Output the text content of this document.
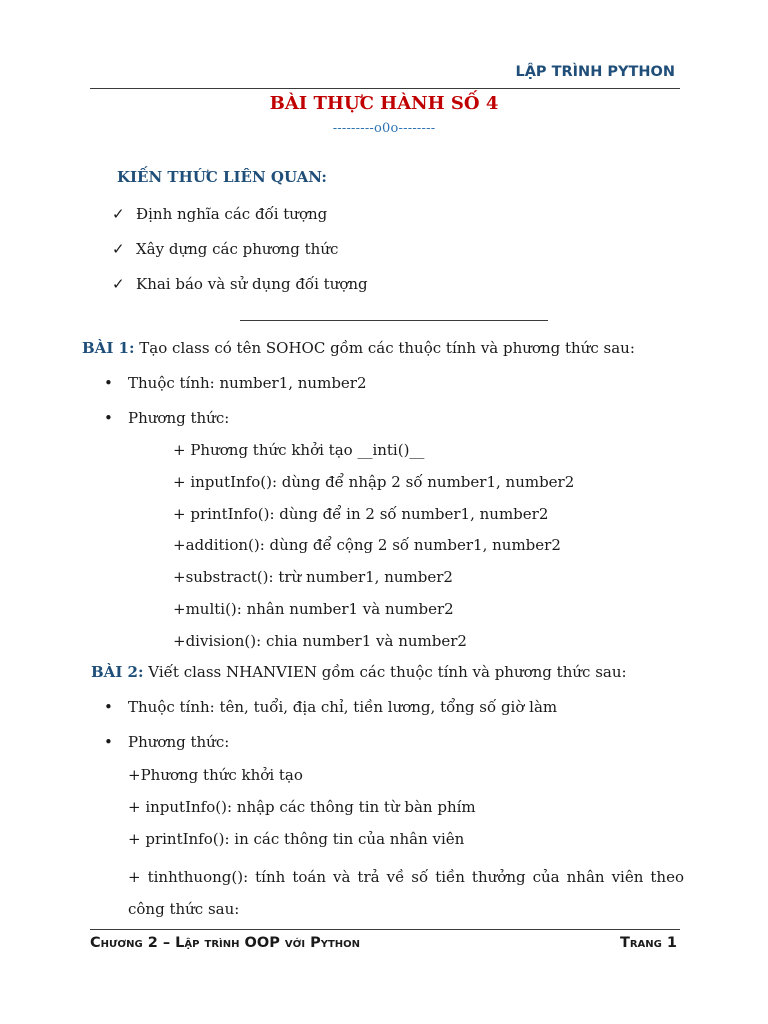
LẬP TRÌNH PYTHON
BÀI THỰC HÀNH SỐ 4
---------o0o--------
KIẾN THỨC LIÊN QUAN:
✓ Định nghĩa các đối tượng
✓ Xây dựng các phương thức
✓ Khai báo và sử dụng đối tượng
BÀI 1: Tạo class có tên SOHOC gồm các thuộc tính và phương thức sau:
• Thuộc tính: number1, number2
• Phương thức:
+ Phương thức khởi tạo __inti()__
+ inputInfo(): dùng để nhập 2 số number1, number2
+ printInfo(): dùng để in 2 số number1, number2
+addition(): dùng để cộng 2 số number1, number2
+substract(): trừ number1, number2
+multi(): nhân number1 và number2
+division(): chia number1 và number2
BÀI 2: Viết class NHANVIEN gồm các thuộc tính và phương thức sau:
• Thuộc tính: tên, tuổi, địa chỉ, tiền lương, tổng số giờ làm
• Phương thức:
+Phương thức khởi tạo
+ inputInfo(): nhập các thông tin từ bàn phím
+ printInfo(): in các thông tin của nhân viên
+ tinhthuong(): tính toán và trả về số tiền thưởng của nhân viên theo công thức sau:
Chương 2 – Lập trình OOP với Python	Trang 1
